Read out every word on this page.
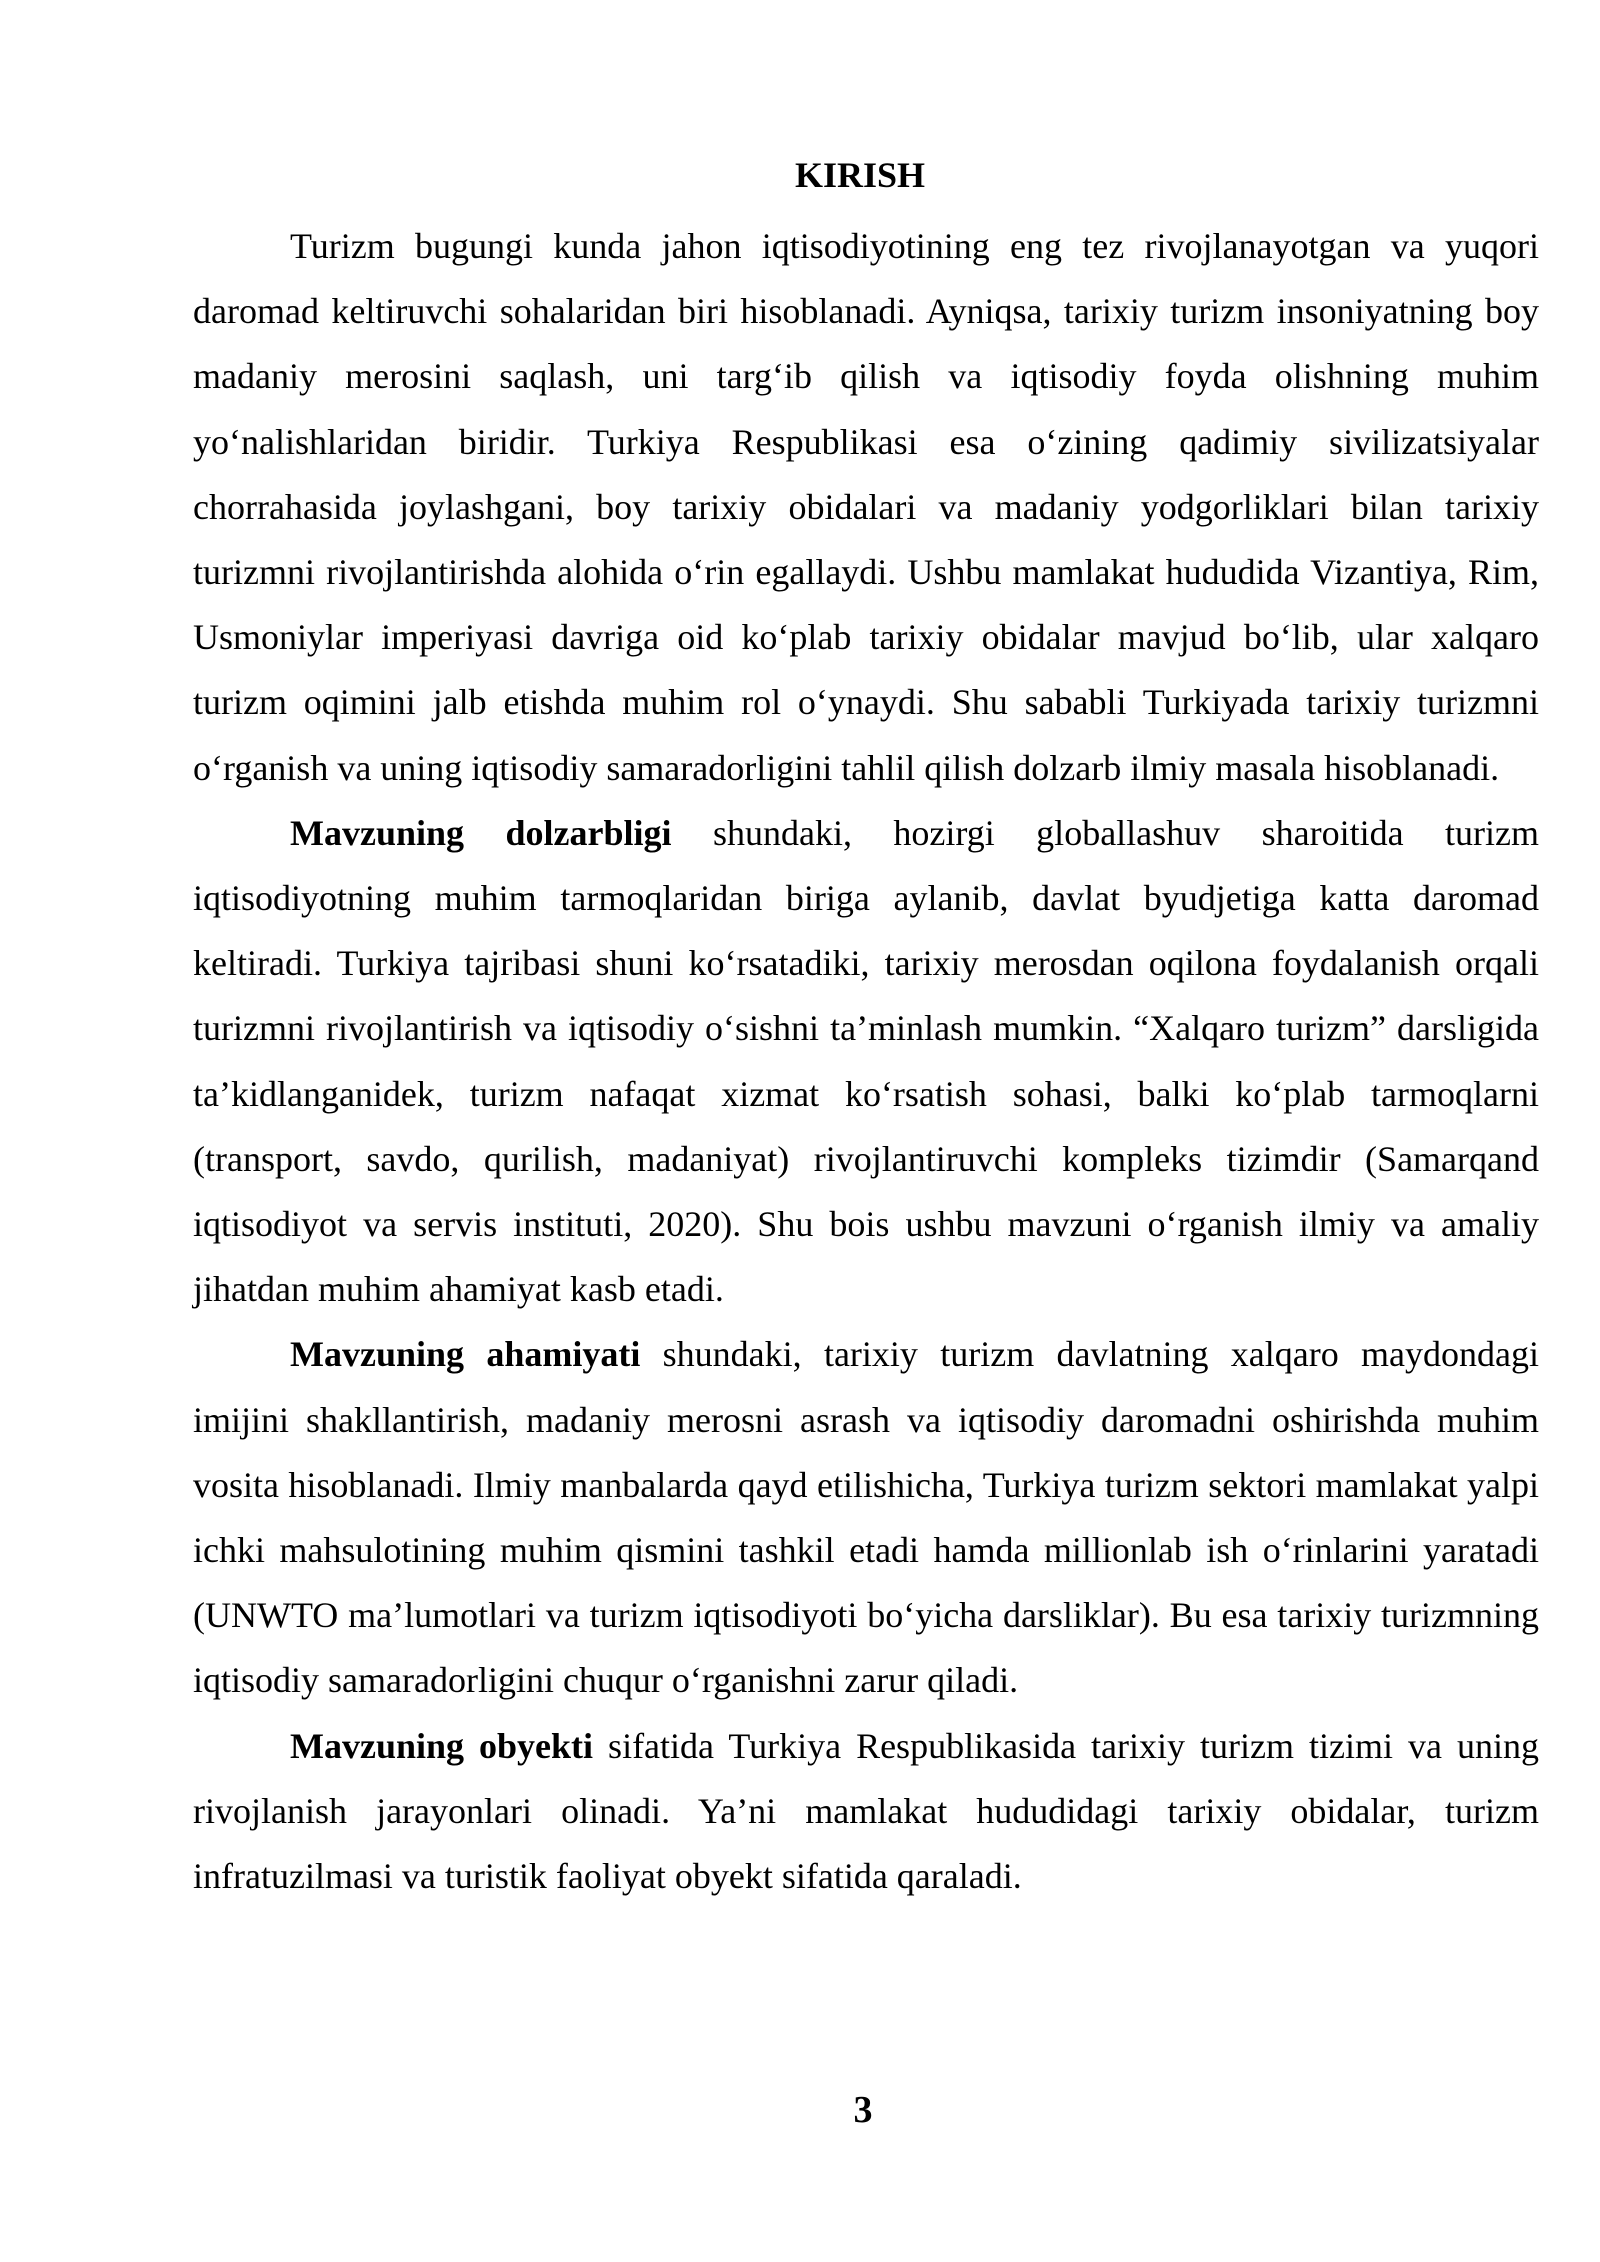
KIRISH

Turizm bugungi kunda jahon iqtisodiyotining eng tez rivojlanayotgan va yuqori daromad keltiruvchi sohalaridan biri hisoblanadi. Ayniqsa, tarixiy turizm insoniyatning boy madaniy merosini saqlash, uni targ‘ib qilish va iqtisodiy foyda olishning muhim yo‘nalishlaridan biridir. Turkiya Respublikasi esa o‘zining qadimiy sivilizatsiyalar chorrahasida joylashgani, boy tarixiy obidalari va madaniy yodgorliklari bilan tarixiy turizmni rivojlantirishda alohida o‘rin egallaydi. Ushbu mamlakat hududida Vizantiya, Rim, Usmoniylar imperiyasi davriga oid ko‘plab tarixiy obidalar mavjud bo‘lib, ular xalqaro turizm oqimini jalb etishda muhim rol o‘ynaydi. Shu sababli Turkiyada tarixiy turizmni o‘rganish va uning iqtisodiy samaradorligini tahlil qilish dolzarb ilmiy masala hisoblanadi.

Mavzuning dolzarbligi shundaki, hozirgi globallashuv sharoitida turizm iqtisodiyotning muhim tarmoqlaridan biriga aylanib, davlat byudjetiga katta daromad keltiradi. Turkiya tajribasi shuni ko‘rsatadiki, tarixiy merosdan oqilona foydalanish orqali turizmni rivojlantirish va iqtisodiy o‘sishni ta’minlash mumkin. “Xalqaro turizm” darsligida ta’kidlanganidek, turizm nafaqat xizmat ko‘rsatish sohasi, balki ko‘plab tarmoqlarni (transport, savdo, qurilish, madaniyat) rivojlantiruvchi kompleks tizimdir (Samarqand iqtisodiyot va servis instituti, 2020). Shu bois ushbu mavzuni o‘rganish ilmiy va amaliy jihatdan muhim ahamiyat kasb etadi.

Mavzuning ahamiyati shundaki, tarixiy turizm davlatning xalqaro maydondagi imijini shakllantirish, madaniy merosni asrash va iqtisodiy daromadni oshirishda muhim vosita hisoblanadi. Ilmiy manbalarda qayd etilishicha, Turkiya turizm sektori mamlakat yalpi ichki mahsulotining muhim qismini tashkil etadi hamda millionlab ish o‘rinlarini yaratadi (UNWTO ma’lumotlari va turizm iqtisodiyoti bo‘yicha darsliklar). Bu esa tarixiy turizmning iqtisodiy samaradorligini chuqur o‘rganishni zarur qiladi.

Mavzuning obyekti sifatida Turkiya Respublikasida tarixiy turizm tizimi va uning rivojlanish jarayonlari olinadi. Ya’ni mamlakat hududidagi tarixiy obidalar, turizm infratuzilmasi va turistik faoliyat obyekt sifatida qaraladi.

3
